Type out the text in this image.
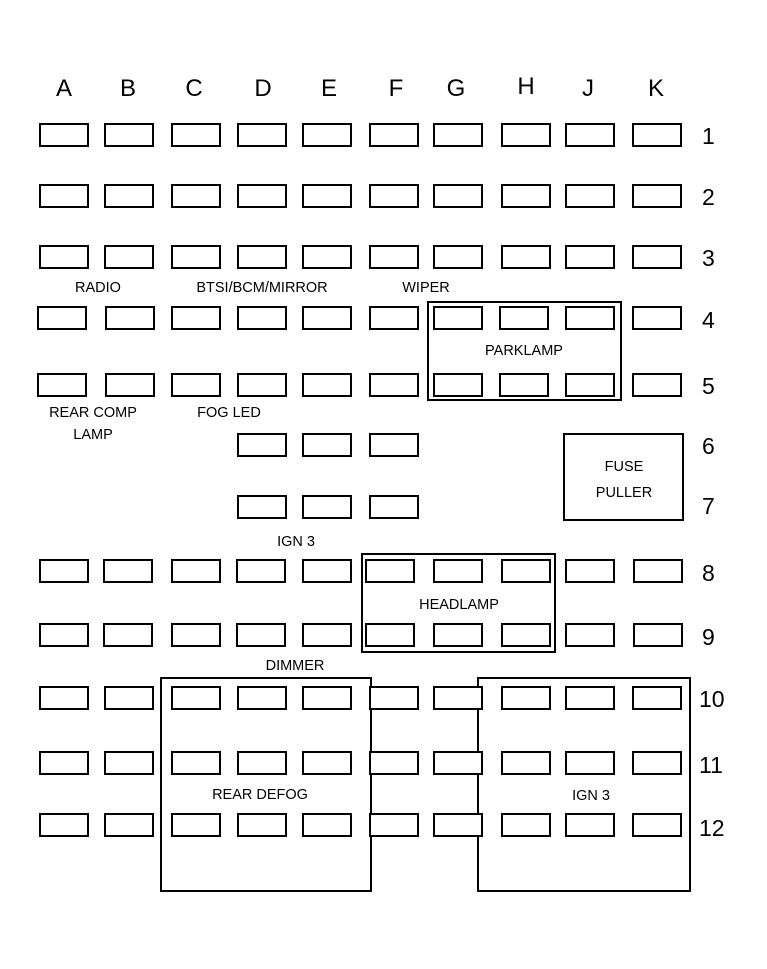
A B C D E F G H J K
1
2
3
4
5
6
7
8
9
10
11
12
RADIO	BTSI/BCM/MIRROR	WIPER
PARKLAMP
REAR COMP
LAMP
FOG LED
FUSE
PULLER
IGN 3
HEADLAMP
DIMMER
REAR DEFOG	IGN 3
